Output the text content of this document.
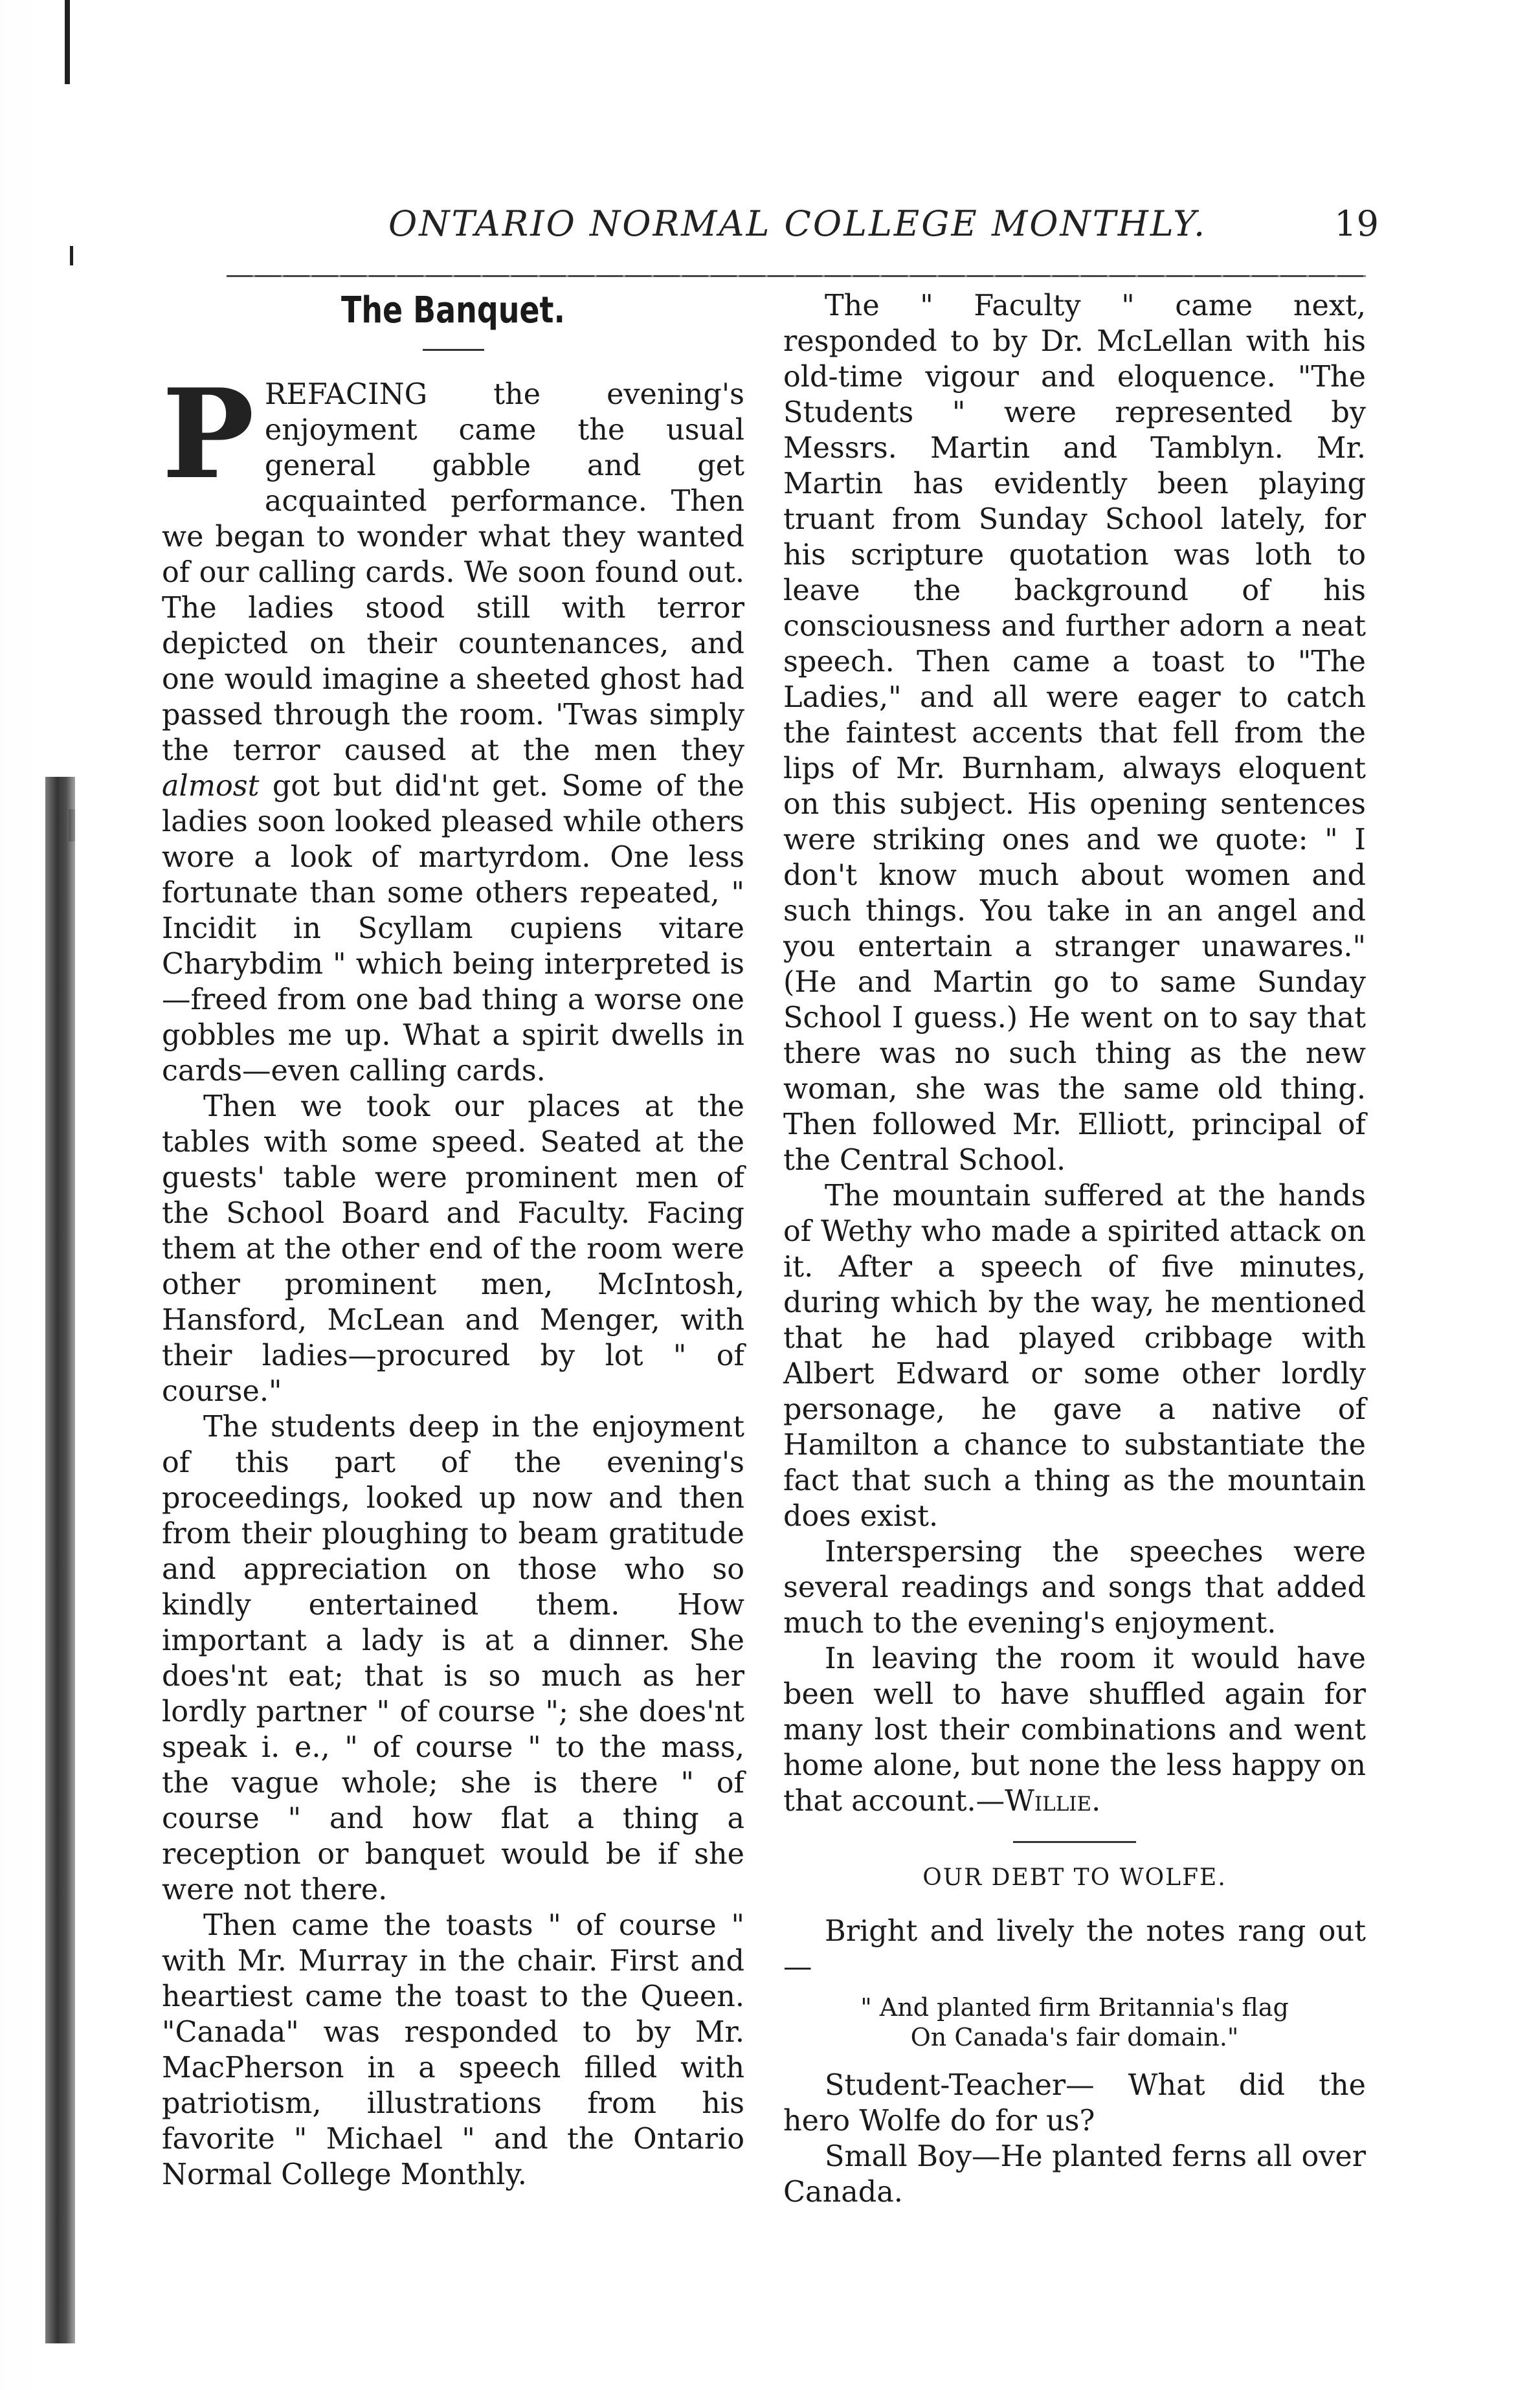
ONTARIO NORMAL COLLEGE MONTHLY.	19
The Banquet.

PREFACING the evening's enjoyment came the usual general gabble and get acquainted performance. Then we began to wonder what they wanted of our calling cards. We soon found out. The ladies stood still with terror depicted on their countenances, and one would imagine a sheeted ghost had passed through the room. 'Twas simply the terror caused at the men they almost got but did'nt get. Some of the ladies soon looked pleased while others wore a look of martyrdom. One less fortunate than some others repeated, " Incidit in Scyllam cupiens vitare Charybdim " which being interpreted is—freed from one bad thing a worse one gobbles me up. What a spirit dwells in cards—even calling cards.

Then we took our places at the tables with some speed. Seated at the guests' table were prominent men of the School Board and Faculty. Facing them at the other end of the room were other prominent men, McIntosh, Hansford, McLean and Menger, with their ladies—procured by lot " of course."

The students deep in the enjoyment of this part of the evening's proceedings, looked up now and then from their ploughing to beam gratitude and appreciation on those who so kindly entertained them. How important a lady is at a dinner. She does'nt eat; that is so much as her lordly partner " of course "; she does'nt speak i. e., " of course " to the mass, the vague whole; she is there " of course " and how flat a thing a reception or banquet would be if she were not there.

Then came the toasts " of course " with Mr. Murray in the chair. First and heartiest came the toast to the Queen. "Canada" was responded to by Mr. MacPherson in a speech filled with patriotism, illustrations from his favorite " Michael " and the Ontario Normal College Monthly.

The " Faculty " came next, responded to by Dr. McLellan with his old-time vigour and eloquence. "The Students " were represented by Messrs. Martin and Tamblyn. Mr. Martin has evidently been playing truant from Sunday School lately, for his scripture quotation was loth to leave the background of his consciousness and further adorn a neat speech. Then came a toast to "The Ladies," and all were eager to catch the faintest accents that fell from the lips of Mr. Burnham, always eloquent on this subject. His opening sentences were striking ones and we quote: " I don't know much about women and such things. You take in an angel and you entertain a stranger unawares." (He and Martin go to same Sunday School I guess.) He went on to say that there was no such thing as the new woman, she was the same old thing. Then followed Mr. Elliott, principal of the Central School.

The mountain suffered at the hands of Wethy who made a spirited attack on it. After a speech of five minutes, during which by the way, he mentioned that he had played cribbage with Albert Edward or some other lordly personage, he gave a native of Hamilton a chance to substantiate the fact that such a thing as the mountain does exist.

Interspersing the speeches were several readings and songs that added much to the evening's enjoyment.

In leaving the room it would have been well to have shuffled again for many lost their combinations and went home alone, but none the less happy on that account.—Willie.

OUR DEBT TO WOLFE.

Bright and lively the notes rang out—

" And planted firm Britannia's flag
On Canada's fair domain."

Student-Teacher— What did the hero Wolfe do for us?

Small Boy—He planted ferns all over Canada.
